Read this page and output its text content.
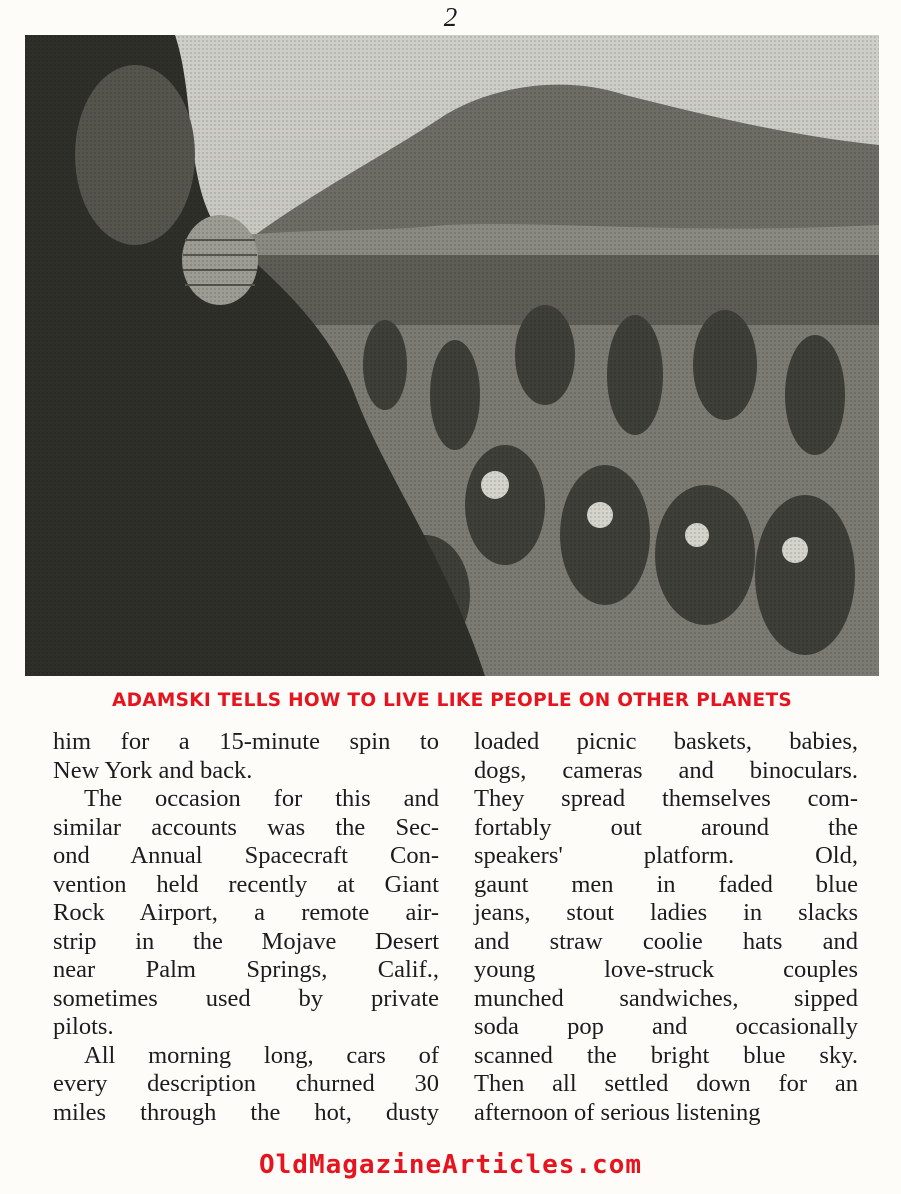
2
ADAMSKI TELLS HOW TO LIVE LIKE PEOPLE ON OTHER PLANETS
him for a 15-minute spin to
New York and back.
The occasion for this and
similar accounts was the Sec-
ond Annual Spacecraft Con-
vention held recently at Giant
Rock Airport, a remote air-
strip in the Mojave Desert
near Palm Springs, Calif.,
sometimes used by private
pilots.
All morning long, cars of
every description churned 30
miles through the hot, dusty
loaded picnic baskets, babies,
dogs, cameras and binoculars.
They spread themselves com-
fortably out around the
speakers' platform. Old,
gaunt men in faded blue
jeans, stout ladies in slacks
and straw coolie hats and
young love-struck couples
munched sandwiches, sipped
soda pop and occasionally
scanned the bright blue sky.
Then all settled down for an
afternoon of serious listening
OldMagazineArticles.com
